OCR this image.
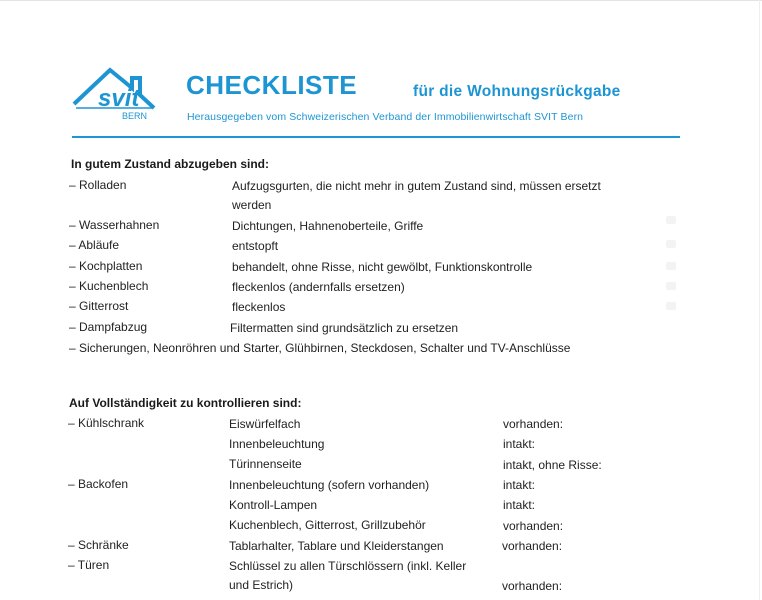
svit
BERN
CHECKLISTE	für die Wohnungsrückgabe
Herausgegeben vom Schweizerischen Verband der Immobilienwirtschaft SVIT Bern
In gutem Zustand abzugeben sind:
– Rolladen	Aufzugsgurten, die nicht mehr in gutem Zustand sind, müssen ersetzt
werden
– Wasserhahnen	Dichtungen, Hahnenoberteile, Griffe
– Abläufe	entstopft
– Kochplatten	behandelt, ohne Risse, nicht gewölbt, Funktionskontrolle
– Kuchenblech	fleckenlos (andernfalls ersetzen)
– Gitterrost	fleckenlos
– Dampfabzug	Filtermatten sind grundsätzlich zu ersetzen
– Sicherungen, Neonröhren und Starter, Glühbirnen, Steckdosen, Schalter und TV-Anschlüsse
Auf Vollständigkeit zu kontrollieren sind:
– Kühlschrank	Eiswürfelfach	vorhanden:
Innenbeleuchtung	intakt:
Türinnenseite	intakt, ohne Risse:
– Backofen	Innenbeleuchtung (sofern vorhanden)	intakt:
Kontroll-Lampen	intakt:
Kuchenblech, Gitterrost, Grillzubehör	vorhanden:
– Schränke	Tablarhalter, Tablare und Kleiderstangen	vorhanden:
– Türen	Schlüssel zu allen Türschlössern (inkl. Keller
und Estrich)	vorhanden:
